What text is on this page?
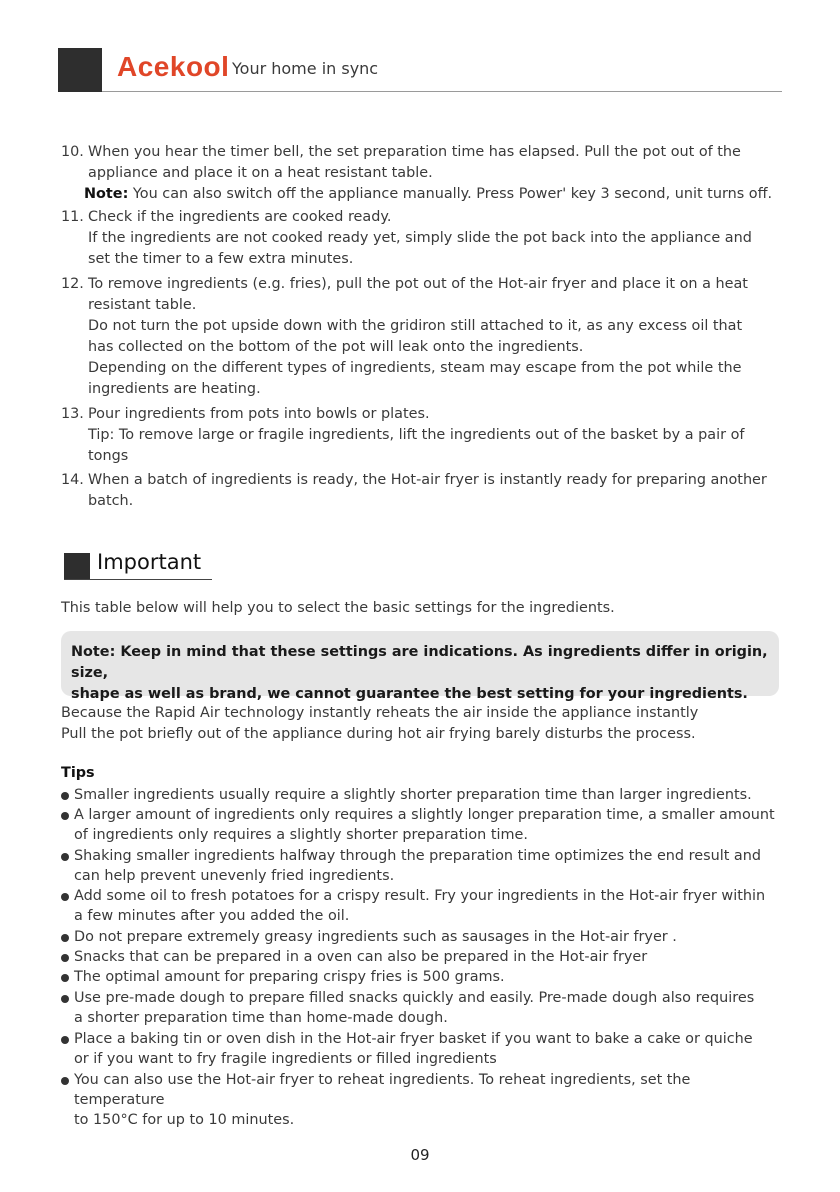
Acekool Your home in sync
10. When you hear the timer bell, the set preparation time has elapsed. Pull the pot out of the

appliance and place it on a heat resistant table.

Note: You can also switch off the appliance manually. Press Power' key 3 second, unit turns off.

11. Check if the ingredients are cooked ready.

If the ingredients are not cooked ready yet, simply slide the pot back into the appliance and

set the timer to a few extra minutes.

12. To remove ingredients (e.g. fries), pull the pot out of the Hot-air fryer and place it on a heat

resistant table.

Do not turn the pot upside down with the gridiron still attached to it, as any excess oil that

has collected on the bottom of the pot will leak onto the ingredients.

Depending on the different types of ingredients, steam may escape from the pot while the

ingredients are heating.

13. Pour ingredients from pots into bowls or plates.

Tip: To remove large or fragile ingredients, lift the ingredients out of the basket by a pair of

tongs

14. When a batch of ingredients is ready, the Hot-air fryer is instantly ready for preparing another

batch.

Important

This table below will help you to select the basic settings for the ingredients.

Note: Keep in mind that these settings are indications. As ingredients differ in origin, size,
shape as well as brand, we cannot guarantee the best setting for your ingredients.
Because the Rapid Air technology instantly reheats the air inside the appliance instantly
Pull the pot briefly out of the appliance during hot air frying barely disturbs the process.
Tips
Smaller ingredients usually require a slightly shorter preparation time than larger ingredients.
A larger amount of ingredients only requires a slightly longer preparation time, a smaller amount
of ingredients only requires a slightly shorter preparation time.
Shaking smaller ingredients halfway through the preparation time optimizes the end result and
can help prevent unevenly fried ingredients.
Add some oil to fresh potatoes for a crispy result. Fry your ingredients in the Hot-air fryer within
a few minutes after you added the oil.
Do not prepare extremely greasy ingredients such as sausages in the Hot-air fryer .
Snacks that can be prepared in a oven can also be prepared in the Hot-air fryer
The optimal amount for preparing crispy fries is 500 grams.
Use pre-made dough to prepare filled snacks quickly and easily. Pre-made dough also requires
a shorter preparation time than home-made dough.
Place a baking tin or oven dish in the Hot-air fryer basket if you want to bake a cake or quiche
or if you want to fry fragile ingredients or filled ingredients
You can also use the Hot-air fryer to reheat ingredients. To reheat ingredients, set the temperature
to 150°C for up to 10 minutes.
09
